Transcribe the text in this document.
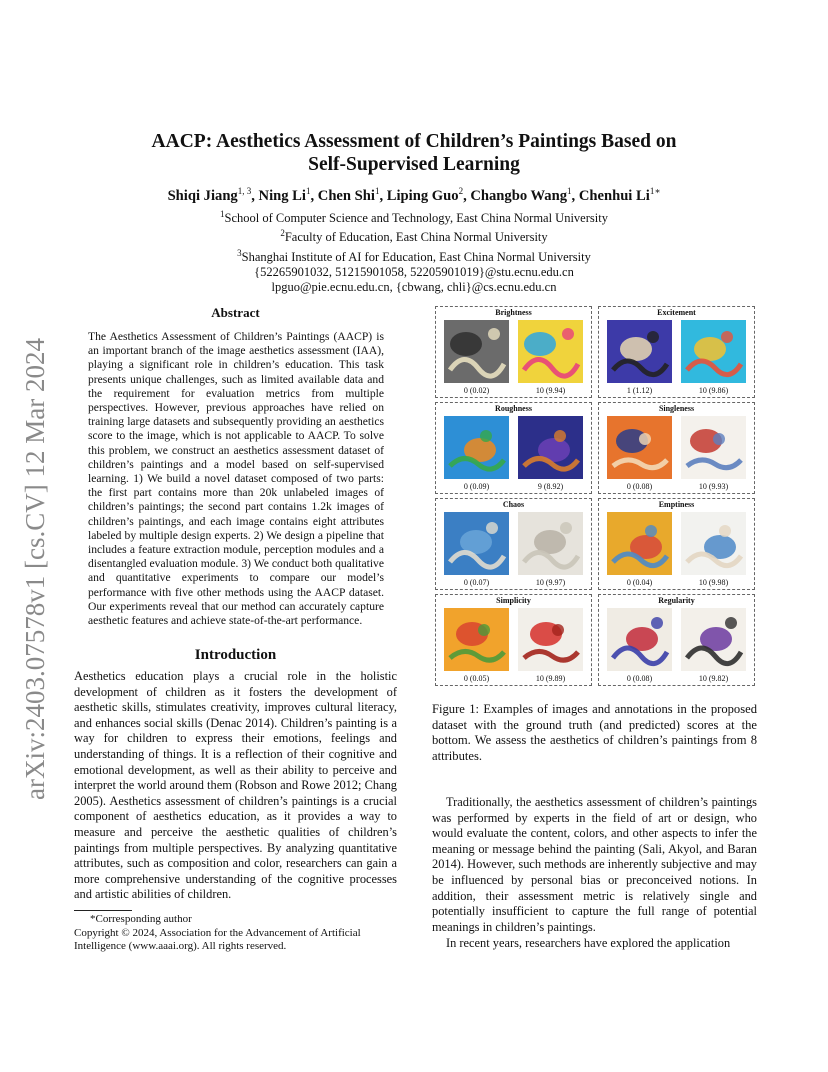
arXiv:2403.07578v1 [cs.CV] 12 Mar 2024
AACP: Aesthetics Assessment of Children’s Paintings Based on
Self-Supervised Learning
Shiqi Jiang$^{1, 3}$, Ning Li$^1$, Chen Shi$^1$, Liping Guo$^2$, Changbo Wang$^1$, Chenhui $Li^{1∗}$
$^1$School of Computer Science and Technology, East China Normal University
$^2$Faculty of Education, East China Normal University
$^3$Shanghai Institute of AI for Education, East China Normal University
{52265901032, 51215901058, 52205901019}@stu.ecnu.edu.cn
lpguo@pie.ecnu.edu.cn, {cbwang, chli}@cs.ecnu.edu.cn
Abstract
The Aesthetics Assessment of Children’s Paintings (AACP) is an important branch of the image aesthetics assessment (IAA), playing a significant role in children’s education. This task presents unique challenges, such as limited available data and the requirement for evaluation metrics from multiple perspectives. However, previous approaches have relied on training large datasets and subsequently providing an aesthetics score to the image, which is not applicable to AACP. To solve this problem, we construct an aesthetics assessment dataset of children’s paintings and a model based on self-supervised learning. 1) We build a novel dataset composed of two parts: the first part contains more than 20k unlabeled images of children’s paintings; the second part contains 1.2k images of children’s paintings, and each image contains eight attributes labeled by multiple design experts. 2) We design a pipeline that includes a feature extraction module, perception modules and a disentangled evaluation module. 3) We conduct both qualitative and quantitative experiments to compare our model’s performance with five other methods using the AACP dataset. Our experiments reveal that our method can accurately capture aesthetic features and achieve state-of-the-art performance.
Introduction
Aesthetics education plays a crucial role in the holistic development of children as it fosters the development of aesthetic skills, stimulates creativity, improves cultural literacy, and enhances social skills (Denac 2014). Children’s painting is a way for children to express their emotions, feelings and understanding of things. It is a reflection of their cognitive and emotional development, as well as their ability to perceive and interpret the world around them (Robson and Rowe 2012; Chang 2005). Aesthetics assessment of children’s paintings is a crucial component of aesthetics education, as it provides a way to measure and perceive the aesthetic qualities of children’s paintings from multiple perspectives. By analyzing quantitative attributes, such as composition and color, researchers can gain a more comprehensive understanding of the cognitive processes and artistic abilities of children.

*Corresponding author

Copyright © 2024, Association for the Advancement of Artificial Intelligence (www.aaai.org). All rights reserved.

Brightness
0 (0.02)	10 (9.94)
Excitement
1 (1.12)	10 (9.86)
Roughness
0 (0.09)	9 (8.92)
Singleness
0 (0.08)	10 (9.93)
Chaos
0 (0.07)	10 (9.97)
Emptiness
0 (0.04)	10 (9.98)
Simplicity
0 (0.05)	10 (9.89)
Regularity
0 (0.08)	10 (9.82)
Figure 1: Examples of images and annotations in the proposed dataset with the ground truth (and predicted) scores at the bottom. We assess the aesthetics of children’s paintings from 8 attributes.
Traditionally, the aesthetics assessment of children’s paintings was performed by experts in the field of art or design, who would evaluate the content, colors, and other aspects to infer the meaning or message behind the painting (Sali, Akyol, and Baran 2014). However, such methods are inherently subjective and may be influenced by personal bias or preconceived notions. In addition, their assessment metric is relatively single and potentially insufficient to capture the full range of potential meanings in children’s paintings.
In recent years, researchers have explored the application
